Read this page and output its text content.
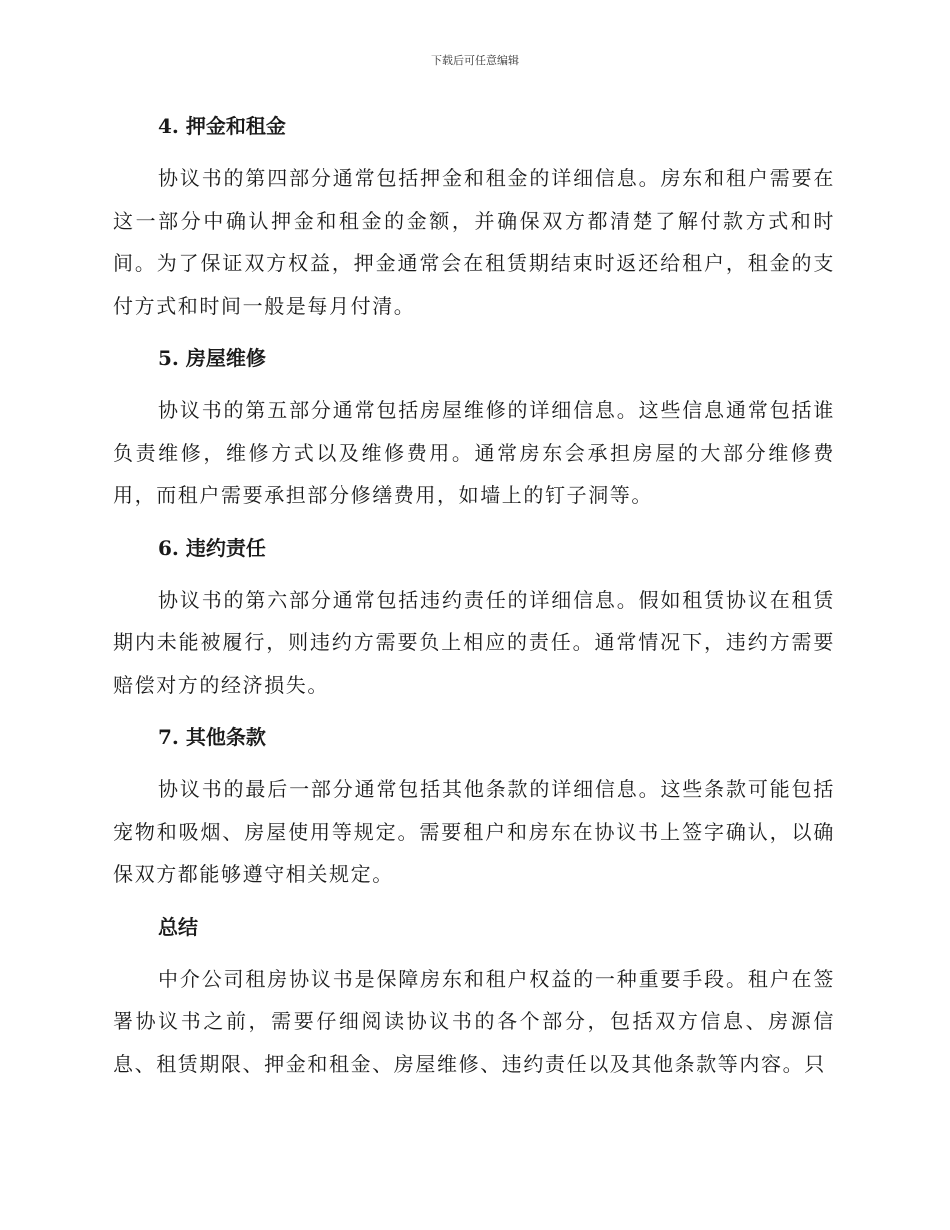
下载后可任意编辑
4. 押金和租金

协议书的第四部分通常包括押金和租金的详细信息。房东和租户需要在这一部分中确认押金和租金的金额，并确保双方都清楚了解付款方式和时间。为了保证双方权益，押金通常会在租赁期结束时返还给租户，租金的支付方式和时间一般是每月付清。

5. 房屋维修

协议书的第五部分通常包括房屋维修的详细信息。这些信息通常包括谁负责维修，维修方式以及维修费用。通常房东会承担房屋的大部分维修费用，而租户需要承担部分修缮费用，如墙上的钉子洞等。

6. 违约责任

协议书的第六部分通常包括违约责任的详细信息。假如租赁协议在租赁期内未能被履行，则违约方需要负上相应的责任。通常情况下，违约方需要赔偿对方的经济损失。

7. 其他条款

协议书的最后一部分通常包括其他条款的详细信息。这些条款可能包括宠物和吸烟、房屋使用等规定。需要租户和房东在协议书上签字确认，以确保双方都能够遵守相关规定。

总结

中介公司租房协议书是保障房东和租户权益的一种重要手段。租户在签署协议书之前，需要仔细阅读协议书的各个部分，包括双方信息、房源信息、租赁期限、押金和租金、房屋维修、违约责任以及其他条款等内容。只
